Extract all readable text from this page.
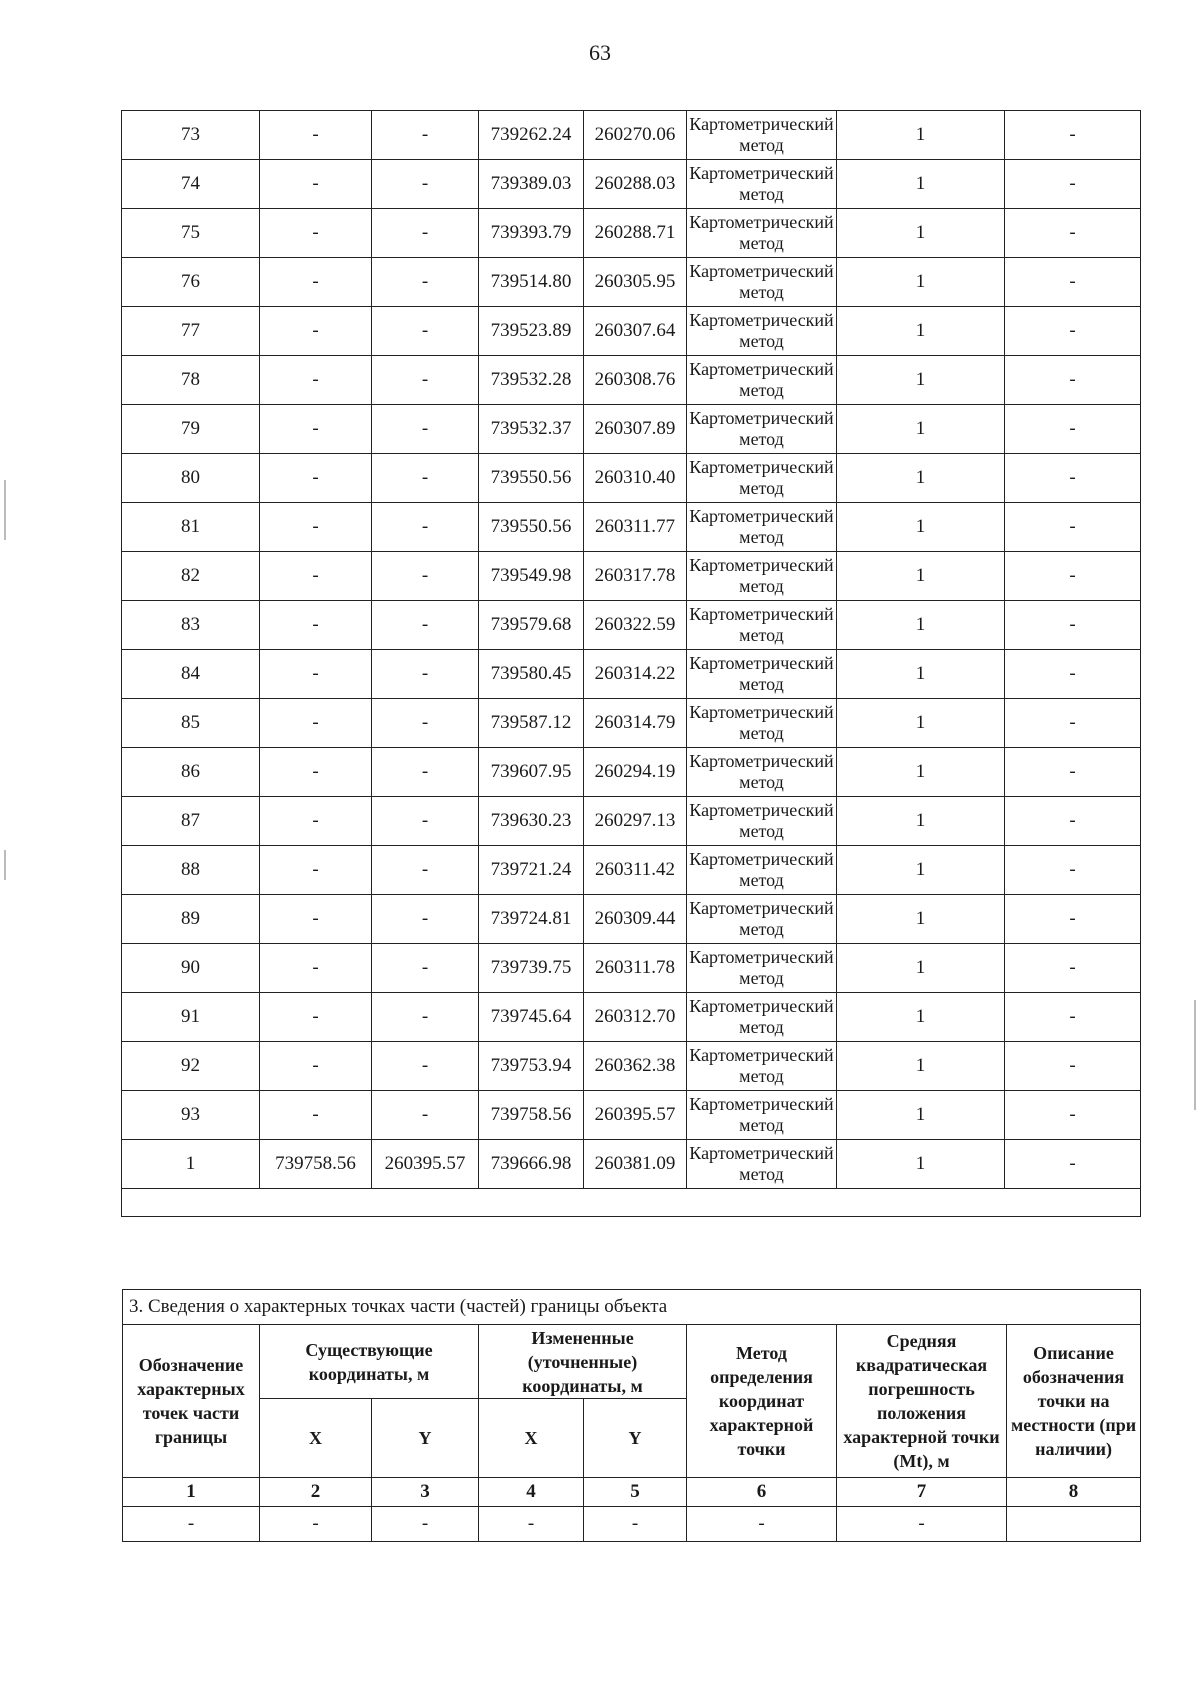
63
73	-	-	739262.24	260270.06	Картометрический метод	1	-
74	-	-	739389.03	260288.03	Картометрический метод	1	-
75	-	-	739393.79	260288.71	Картометрический метод	1	-
76	-	-	739514.80	260305.95	Картометрический метод	1	-
77	-	-	739523.89	260307.64	Картометрический метод	1	-
78	-	-	739532.28	260308.76	Картометрический метод	1	-
79	-	-	739532.37	260307.89	Картометрический метод	1	-
80	-	-	739550.56	260310.40	Картометрический метод	1	-
81	-	-	739550.56	260311.77	Картометрический метод	1	-
82	-	-	739549.98	260317.78	Картометрический метод	1	-
83	-	-	739579.68	260322.59	Картометрический метод	1	-
84	-	-	739580.45	260314.22	Картометрический метод	1	-
85	-	-	739587.12	260314.79	Картометрический метод	1	-
86	-	-	739607.95	260294.19	Картометрический метод	1	-
87	-	-	739630.23	260297.13	Картометрический метод	1	-
88	-	-	739721.24	260311.42	Картометрический метод	1	-
89	-	-	739724.81	260309.44	Картометрический метод	1	-
90	-	-	739739.75	260311.78	Картометрический метод	1	-
91	-	-	739745.64	260312.70	Картометрический метод	1	-
92	-	-	739753.94	260362.38	Картометрический метод	1	-
93	-	-	739758.56	260395.57	Картометрический метод	1	-
1	739758.56	260395.57	739666.98	260381.09	Картометрический метод	1	-

3. Сведения о характерных точках части (частей) границы объекта							
Обозначение характерных точек части границы	Существующие координаты, м		Измененные (уточненные) координаты, м		Метод определения координат характерной точки	Средняя квадратическая погрешность положения характерной точки (Mt), м	Описание обозначения точки на местности (при наличии)
	X	Y	X	Y			
1	2	3	4	5	6	7	8
-	-	-	-	-	-	-	
